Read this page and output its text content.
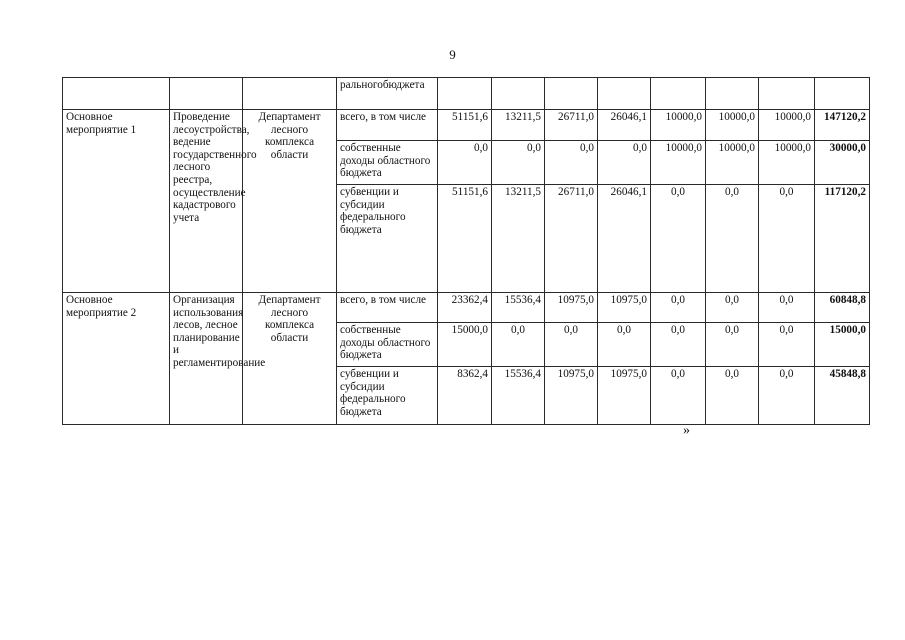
9
			ральногобюджета								
Основное мероприятие 1	Проведение лесоустройства, ведение государственного лесного реестра, осуществление кадастрового учета	Департамент лесного комплекса области	всего, в том числе	51151,6	13211,5	26711,0	26046,1	10000,0	10000,0	10000,0	147120,2
			собственные доходы областного бюджета	0,0	0,0	0,0	0,0	10000,0	10000,0	10000,0	30000,0
			субвенции и субсидии федерального бюджета	51151,6	13211,5	26711,0	26046,1	0,0	0,0	0,0	117120,2
Основное мероприятие 2	Организация использования лесов, лесное планирование и регламентирование	Департамент лесного комплекса области	всего, в том числе	23362,4	15536,4	10975,0	10975,0	0,0	0,0	0,0	60848,8
			собственные доходы областного бюджета	15000,0	0,0	0,0	0,0	0,0	0,0	0,0	15000,0
			субвенции и субсидии федерального бюджета	8362,4	15536,4	10975,0	10975,0	0,0	0,0	0,0	45848,8
»
